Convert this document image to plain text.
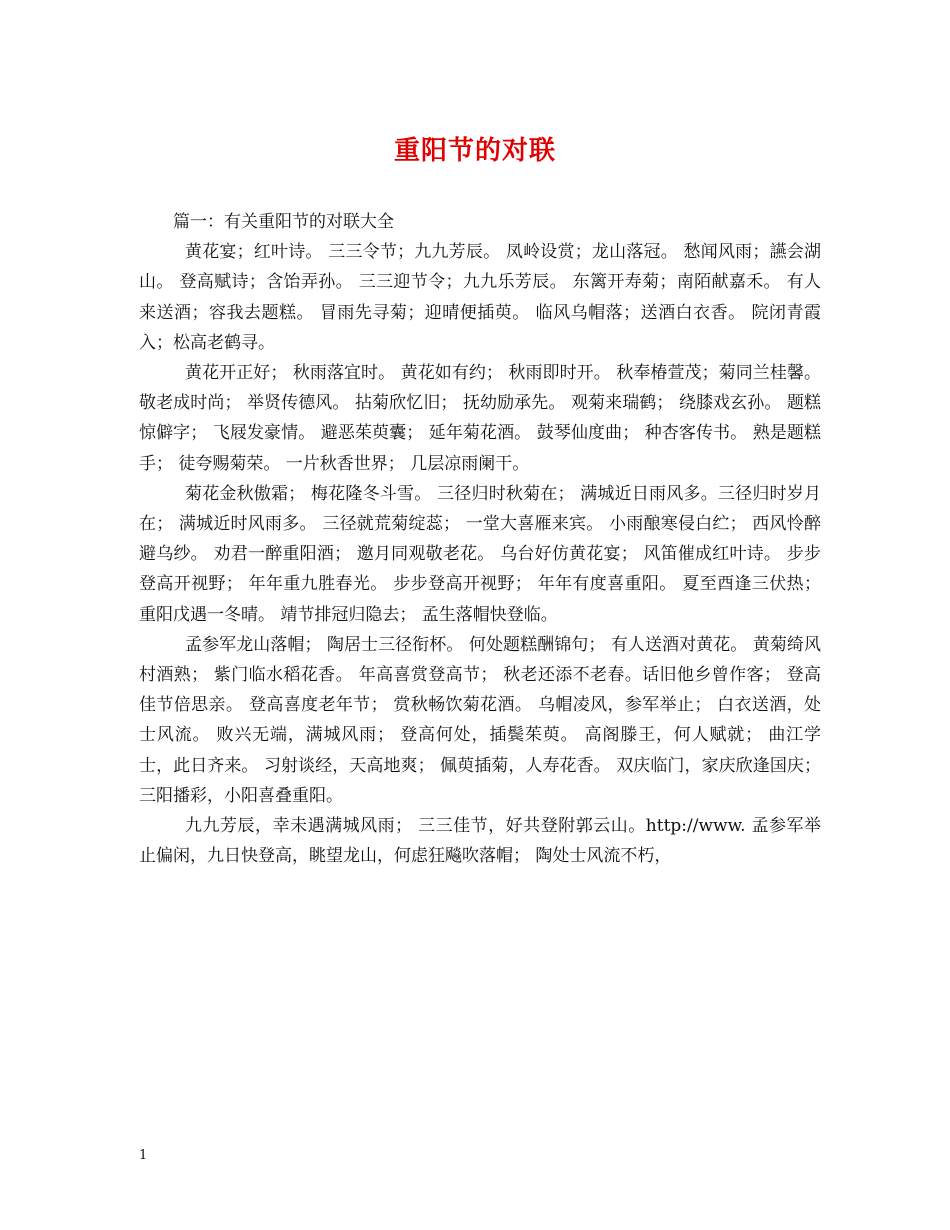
重阳节的对联

篇一：有关重阳节的对联大全

黄花宴；红叶诗。 三三令节；九九芳辰。 凤岭设赏；龙山落冠。 愁闻风雨；讌会湖山。 登高赋诗；含饴弄孙。 三三迎节令；九九乐芳辰。 东篱开寿菊；南陌献嘉禾。 有人来送酒；容我去题糕。 冒雨先寻菊；迎晴便插萸。 临风乌帽落；送酒白衣香。 院闭青霞入；松高老鹤寻。

黄花开正好； 秋雨落宜时。 黄花如有约； 秋雨即时开。 秋奉椿萱茂；菊同兰桂馨。 敬老成时尚； 举贤传德风。 拈菊欣忆旧； 抚幼励承先。 观菊来瑞鹤； 绕膝戏玄孙。 题糕惊僻字； 飞屐发豪情。 避恶茱萸囊； 延年菊花酒。 鼓琴仙度曲； 种杏客传书。 熟是题糕手； 徒夸赐菊荣。 一片秋香世界； 几层凉雨阑干。

菊花金秋傲霜； 梅花隆冬斗雪。 三径归时秋菊在； 满城近日雨风多。三径归时岁月在； 满城近时风雨多。 三径就荒菊绽蕊； 一堂大喜雁来宾。 小雨酿寒侵白纻； 西风怜醉避乌纱。 劝君一醉重阳酒； 邀月同观敬老花。 乌台好仿黄花宴； 风笛催成红叶诗。 步步登高开视野； 年年重九胜春光。 步步登高开视野； 年年有度喜重阳。 夏至酉逢三伏热； 重阳戊遇一冬晴。 靖节排冠归隐去； 孟生落帽快登临。

孟参军龙山落帽； 陶居士三径衔杯。 何处题糕酬锦句； 有人送酒对黄花。 黄菊绮风村酒熟； 紫门临水稻花香。 年高喜赏登高节； 秋老还添不老春。话旧他乡曾作客； 登高佳节倍思亲。 登高喜度老年节； 赏秋畅饮菊花酒。 乌帽凌风，参军举止； 白衣送酒，处士风流。 败兴无端，满城风雨； 登高何处，插鬓茱萸。 高阁滕王，何人赋就； 曲江学士，此日齐来。 习射谈经，天高地爽； 佩萸插菊，人寿花香。 双庆临门，家庆欣逢国庆； 三阳播彩，小阳喜叠重阳。

九九芳辰，幸未遇满城风雨； 三三佳节，好共登附郭云山。http://www. 孟参军举止偏闲，九日快登高，眺望龙山，何虑狂飚吹落帽； 陶处士风流不朽，

1
